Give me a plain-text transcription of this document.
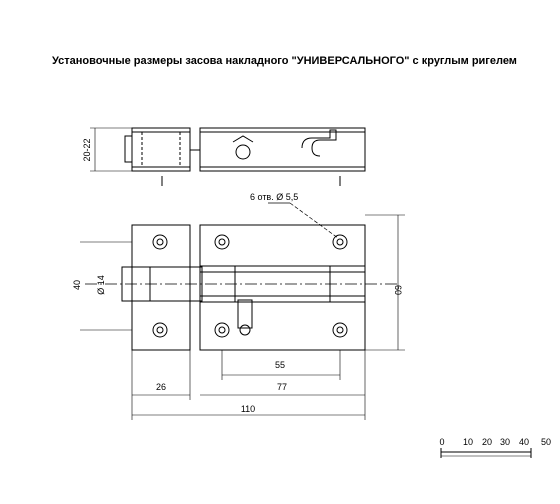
Установочные размеры засова накладного "УНИВЕРСАЛЬНОГО" с круглым ригелем
20-22
6 отв. Ø 5,5
Ø 14
40	60
55
26	77
110
0 10 20 30 40 50
